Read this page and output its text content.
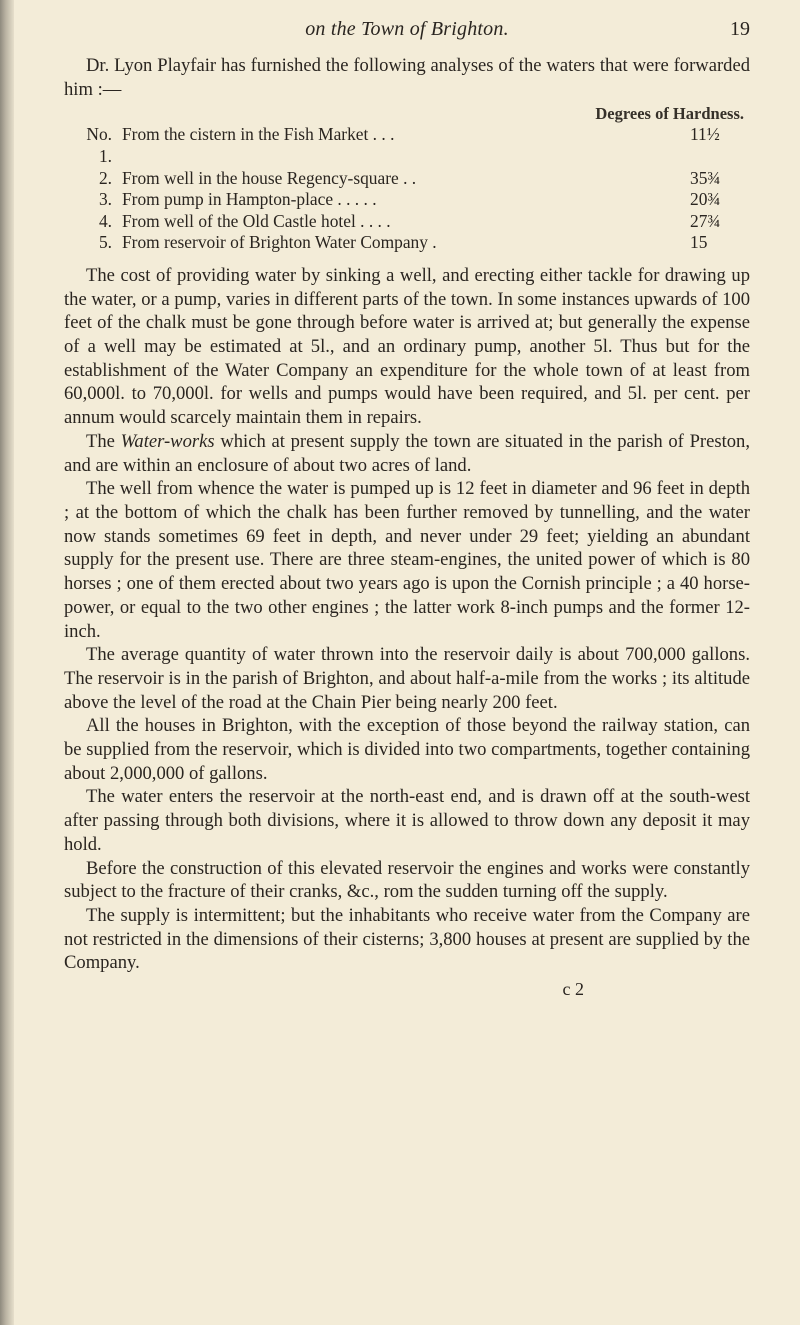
on the Town of Brighton.	19

Dr. Lyon Playfair has furnished the following analyses of the waters that were forwarded him :—

Degrees of Hardness.
No. 1.
From the cistern in the Fish Market . . .	11½
2. From well in the house Regency-square . .	35¾
3. From pump in Hampton-place . . . . .	20¾
4. From well of the Old Castle hotel . . . .	27¾
5. From reservoir of Brighton Water Company .	15

The cost of providing water by sinking a well, and erecting either tackle for drawing up the water, or a pump, varies in different parts of the town. In some instances upwards of 100 feet of the chalk must be gone through before water is arrived at; but generally the expense of a well may be estimated at 5l., and an ordinary pump, another 5l. Thus but for the establishment of the Water Company an expenditure for the whole town of at least from 60,000l. to 70,000l. for wells and pumps would have been required, and 5l. per cent. per annum would scarcely maintain them in repairs.

The Water-works which at present supply the town are situated in the parish of Preston, and are within an enclosure of about two acres of land.

The well from whence the water is pumped up is 12 feet in diameter and 96 feet in depth ; at the bottom of which the chalk has been further removed by tunnelling, and the water now stands sometimes 69 feet in depth, and never under 29 feet; yielding an abundant supply for the present use. There are three steam-engines, the united power of which is 80 horses ; one of them erected about two years ago is upon the Cornish principle ; a 40 horse-power, or equal to the two other engines ; the latter work 8-inch pumps and the former 12-inch.

The average quantity of water thrown into the reservoir daily is about 700,000 gallons. The reservoir is in the parish of Brighton, and about half-a-mile from the works ; its altitude above the level of the road at the Chain Pier being nearly 200 feet.

All the houses in Brighton, with the exception of those beyond the railway station, can be supplied from the reservoir, which is divided into two compartments, together containing about 2,000,000 of gallons.

The water enters the reservoir at the north-east end, and is drawn off at the south-west after passing through both divisions, where it is allowed to throw down any deposit it may hold.

Before the construction of this elevated reservoir the engines and works were constantly subject to the fracture of their cranks, &c., rom the sudden turning off the supply.

The supply is intermittent; but the inhabitants who receive water from the Company are not restricted in the dimensions of their cisterns; 3,800 houses at present are supplied by the Company.

c 2
